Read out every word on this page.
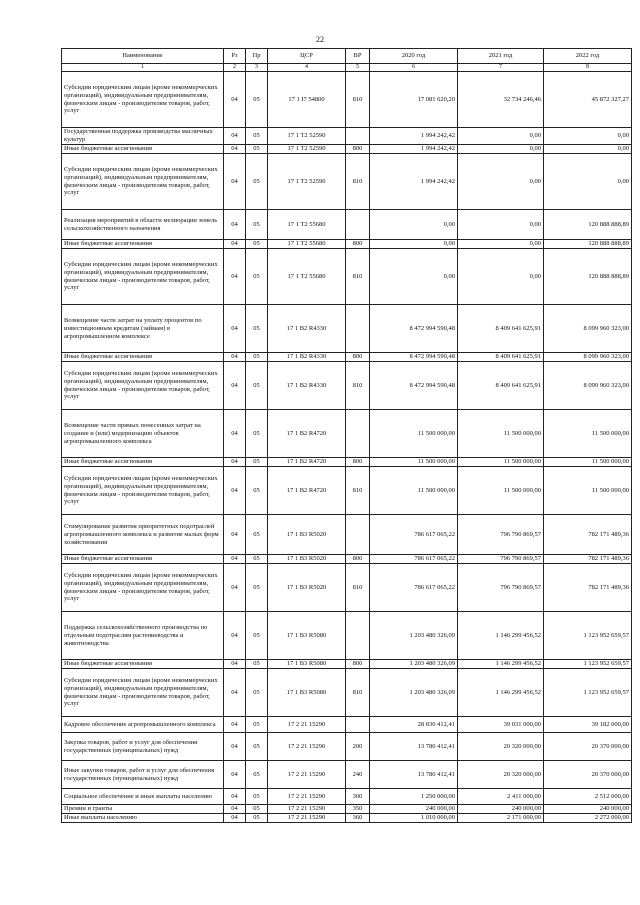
22
Наименование	Рз	Пр	ЦСР	ВР	2020 год	2021 год	2022 год
1	2	3	4	5	6	7	8
Субсидии юридическим лицам (кроме некоммерческих организаций), индивидуальным предпринимателям, физическим лицам - производителям товаров, работ, услуг	04	05	17 1 I7 54800	810	17 081 620,20	32 734 246,46	45 872 327,27
Государственная поддержка производства масличных культур	04	05	17 1 T2 52590		1 994 242,42	0,00	0,00
Иные бюджетные ассигнования	04	05	17 1 T2 52590	800	1 994 242,42	0,00	0,00
Субсидии юридическим лицам (кроме некоммерческих организаций), индивидуальным предпринимателям, физическим лицам - производителям товаров, работ, услуг	04	05	17 1 T2 52590	810	1 994 242,42	0,00	0,00
Реализация мероприятий в области мелиорации земель сельскохозяйственного назначения	04	05	17 1 T2 55680		0,00	0,00	120 888 888,89
Иные бюджетные ассигнования	04	05	17 1 T2 55680	800	0,00	0,00	120 888 888,89
Субсидии юридическим лицам (кроме некоммерческих организаций), индивидуальным предпринимателям, физическим лицам - производителям товаров, работ, услуг	04	05	17 1 T2 55680	810	0,00	0,00	120 888 888,89
Возмещение части затрат на уплату процентов по инвестиционным кредитам (займам) в агропромышленном комплексе	04	05	17 1 B2 R4330		8 472 994 590,48	8 409 641 625,91	8 099 960 323,00
Иные бюджетные ассигнования	04	05	17 1 B2 R4330	800	8 472 994 590,48	8 409 641 625,91	8 099 960 323,00
Субсидии юридическим лицам (кроме некоммерческих организаций), индивидуальным предпринимателям, физическим лицам - производителям товаров, работ, услуг	04	05	17 1 B2 R4330	810	8 472 994 590,48	8 409 641 625,91	8 099 960 323,00
Возмещение части прямых понесенных затрат на создание и (или) модернизацию объектов агропромышленного комплекса	04	05	17 1 B2 R4720		11 500 000,00	11 500 000,00	11 500 000,00
Иные бюджетные ассигнования	04	05	17 1 B2 R4720	800	11 500 000,00	11 500 000,00	11 500 000,00
Субсидии юридическим лицам (кроме некоммерческих организаций), индивидуальным предпринимателям, физическим лицам - производителям товаров, работ, услуг	04	05	17 1 B2 R4720	810	11 500 000,00	11 500 000,00	11 500 000,00
Стимулирование развития приоритетных подотраслей агропромышленного комплекса и развитие малых форм хозяйствования	04	05	17 1 B3 R5020		786 617 065,22	796 790 869,57	782 171 489,36
Иные бюджетные ассигнования	04	05	17 1 B3 R5020	800	786 617 065,22	796 790 869,57	782 171 489,36
Субсидии юридическим лицам (кроме некоммерческих организаций), индивидуальным предпринимателям, физическим лицам - производителям товаров, работ, услуг	04	05	17 1 B3 R5020	810	786 617 065,22	796 790 869,57	782 171 489,36
Поддержка сельскохозяйственного производства по отдельным подотраслям растениеводства и животноводства	04	05	17 1 B3 R5080		1 203 480 326,09	1 146 299 456,52	1 123 952 659,57
Иные бюджетные ассигнования	04	05	17 1 B3 R5080	800	1 203 480 326,09	1 146 299 456,52	1 123 952 659,57
Субсидии юридическим лицам (кроме некоммерческих организаций), индивидуальным предпринимателям, физическим лицам - производителям товаров, работ, услуг	04	05	17 1 B3 R5080	810	1 203 480 326,09	1 146 299 456,52	1 123 952 659,57
Кадровое обеспечение агропромышленного комплекса	04	05	17 2 21 15290		28 830 412,41	39 031 000,00	39 182 000,00
Закупка товаров, работ и услуг для обеспечения государственных (муниципальных) нужд	04	05	17 2 21 15290	200	13 780 412,41	20 320 000,00	20 370 000,00
Иные закупки товаров, работ и услуг для обеспечения государственных (муниципальных) нужд	04	05	17 2 21 15290	240	13 780 412,41	20 320 000,00	20 370 000,00
Социальное обеспечение и иные выплаты населению	04	05	17 2 21 15290	300	1 250 000,00	2 411 000,00	2 512 000,00
Премии и гранты	04	05	17 2 21 15290	350	240 000,00	240 000,00	240 000,00
Иные выплаты населению	04	05	17 2 21 15290	360	1 010 000,00	2 171 000,00	2 272 000,00
